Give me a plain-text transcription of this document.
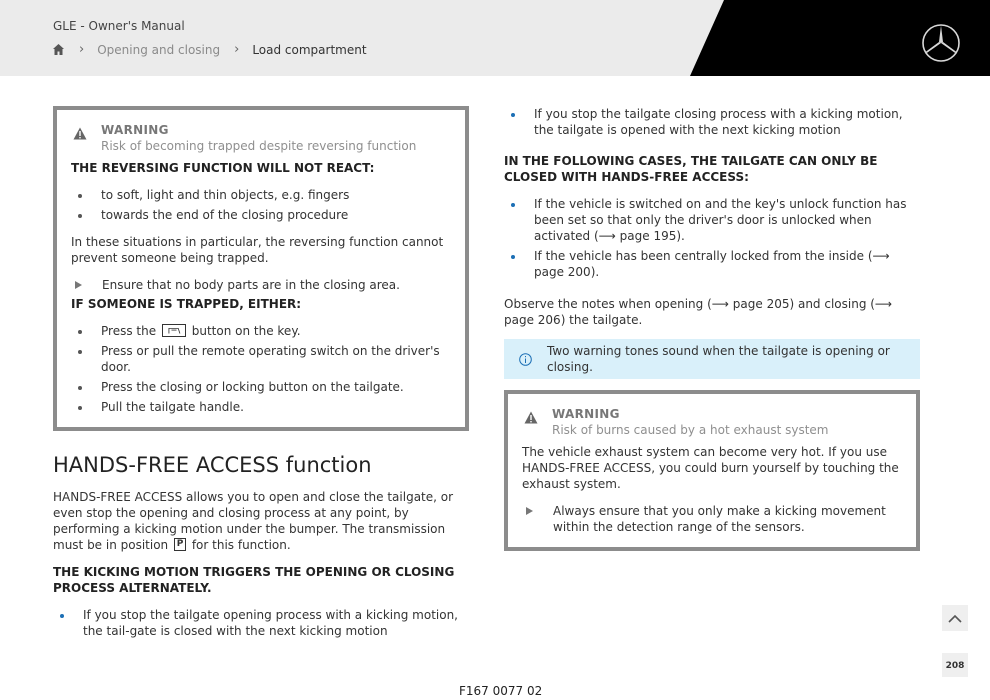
GLE - Owner's Manual
› Opening and closing › Load compartment
WARNING
Risk of becoming trapped despite reversing function

THE REVERSING FUNCTION WILL NOT REACT:

to soft, light and thin objects, e.g. fingers
towards the end of the closing procedure

In these situations in particular, the reversing function cannot prevent someone being trapped.

Ensure that no body parts are in the closing area.

IF SOMEONE IS TRAPPED, EITHER:

Press the	button on the key.
Press or pull the remote operating switch on the driver's door.
Press the closing or locking button on the tailgate.
Pull the tailgate handle.
HANDS-FREE ACCESS function

HANDS-FREE ACCESS allows you to open and close the tailgate, or even stop the opening and closing process at any point, by performing a kicking motion under the bumper. The transmission must be in position P for this function.

THE KICKING MOTION TRIGGERS THE OPENING OR CLOSING PROCESS ALTERNATELY.

If you stop the tailgate opening process with a kicking motion, the tail-gate is closed with the next kicking motion
If you stop the tailgate closing process with a kicking motion, the tailgate is opened with the next kicking motion

IN THE FOLLOWING CASES, THE TAILGATE CAN ONLY BE CLOSED WITH HANDS-FREE ACCESS:

If the vehicle is switched on and the key's unlock function has been set so that only the driver's door is unlocked when activated (⟶ page 195).
If the vehicle has been centrally locked from the inside (⟶ page 200).

Observe the notes when opening (⟶ page 205) and closing (⟶ page 206) the tailgate.

Two warning tones sound when the tailgate is opening or closing.
WARNING
Risk of burns caused by a hot exhaust system

The vehicle exhaust system can become very hot. If you use HANDS-FREE ACCESS, you could burn yourself by touching the exhaust system.

Always ensure that you only make a kicking movement within the detection range of the sensors.
208
F167 0077 02
